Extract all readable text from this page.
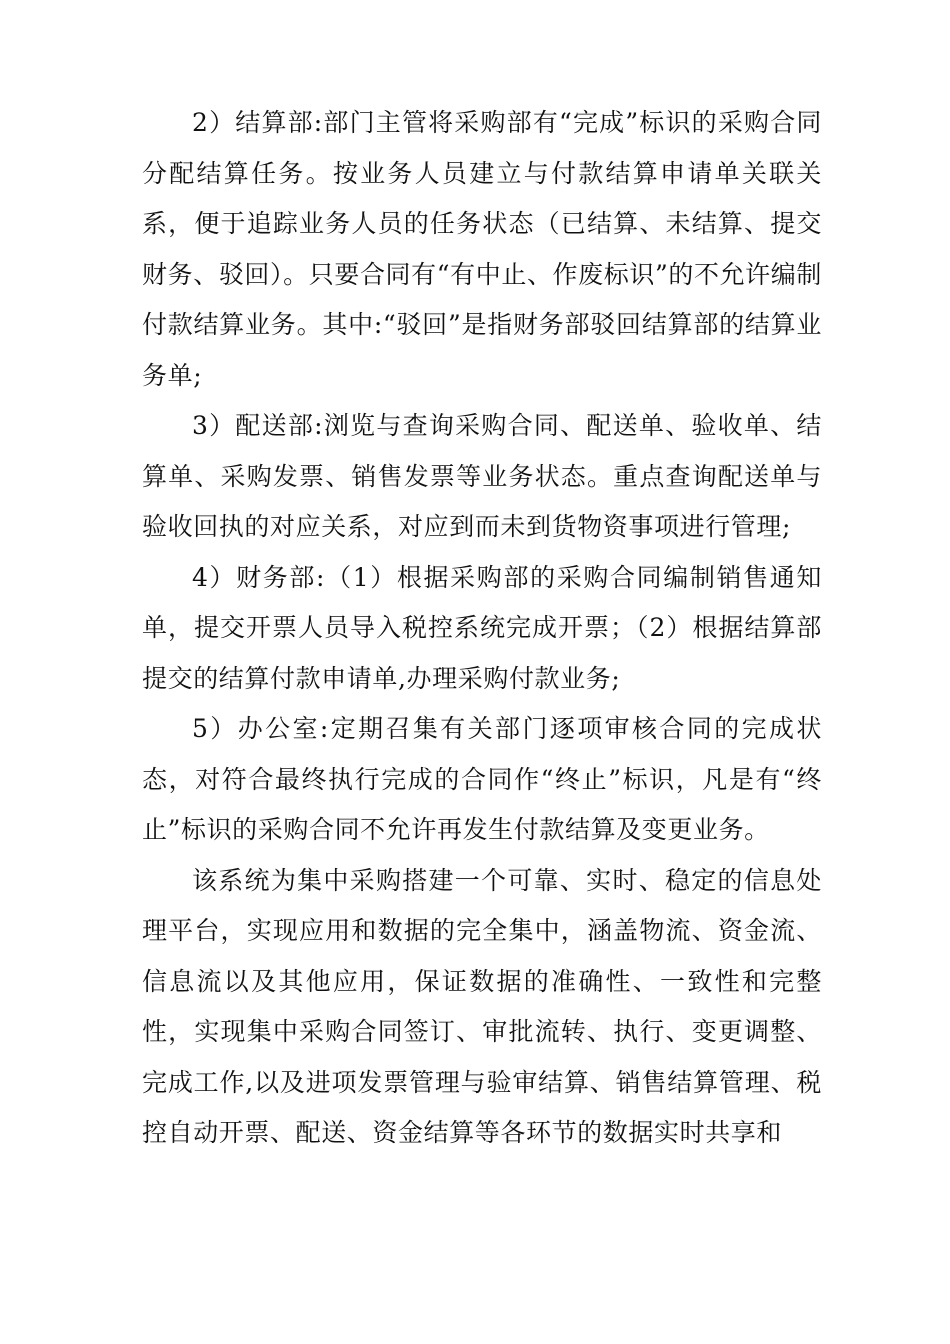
2）结算部:部门主管将采购部有“完成”标识的采购合同分配结算任务。按业务人员建立与付款结算申请单关联关系，便于追踪业务人员的任务状态（已结算、未结算、提交财务、驳回）。只要合同有“有中止、作废标识”的不允许编制付款结算业务。其中:“驳回”是指财务部驳回结算部的结算业务单;

3）配送部:浏览与查询采购合同、配送单、验收单、结算单、采购发票、销售发票等业务状态。重点查询配送单与验收回执的对应关系，对应到而未到货物资事项进行管理;

4）财务部:（1）根据采购部的采购合同编制销售通知单，提交开票人员导入税控系统完成开票；（2）根据结算部提交的结算付款申请单,办理采购付款业务;

5）办公室:定期召集有关部门逐项审核合同的完成状态，对符合最终执行完成的合同作“终止”标识，凡是有“终止”标识的采购合同不允许再发生付款结算及变更业务。

该系统为集中采购搭建一个可靠、实时、稳定的信息处理平台，实现应用和数据的完全集中，涵盖物流、资金流、信息流以及其他应用，保证数据的准确性、一致性和完整性，实现集中采购合同签订、审批流转、执行、变更调整、完成工作,以及进项发票管理与验审结算、销售结算管理、税控自动开票、配送、资金结算等各环节的数据实时共享和
